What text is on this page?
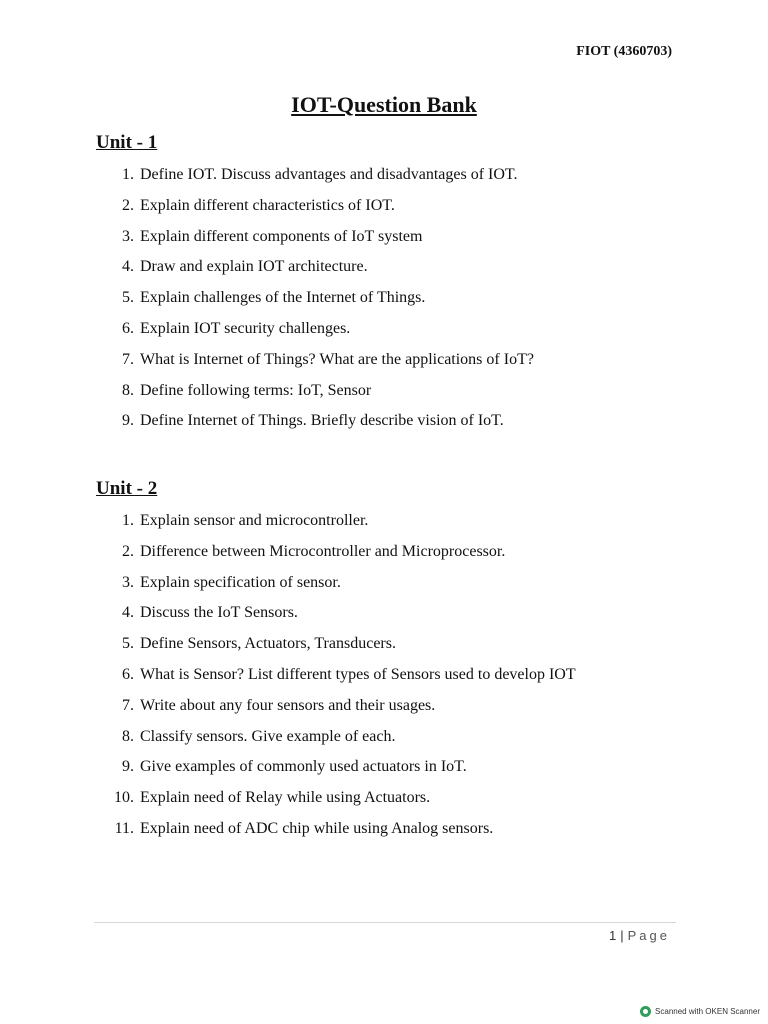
FIOT (4360703)
IOT-Question Bank
Unit - 1
1. Define IOT. Discuss advantages and disadvantages of IOT.
2. Explain different characteristics of IOT.
3. Explain different components of IoT system
4. Draw and explain IOT architecture.
5. Explain challenges of the Internet of Things.
6. Explain IOT security challenges.
7. What is Internet of Things? What are the applications of IoT?
8. Define following terms: IoT, Sensor
9. Define Internet of Things. Briefly describe vision of IoT.
Unit - 2
1. Explain sensor and microcontroller.
2. Difference between Microcontroller and Microprocessor.
3. Explain specification of sensor.
4. Discuss the IoT Sensors.
5. Define Sensors, Actuators, Transducers.
6. What is Sensor? List different types of Sensors used to develop IOT
7. Write about any four sensors and their usages.
8. Classify sensors. Give example of each.
9. Give examples of commonly used actuators in IoT.
10. Explain need of Relay while using Actuators.
11. Explain need of ADC chip while using Analog sensors.
1 | Page
Scanned with OKEN Scanner
